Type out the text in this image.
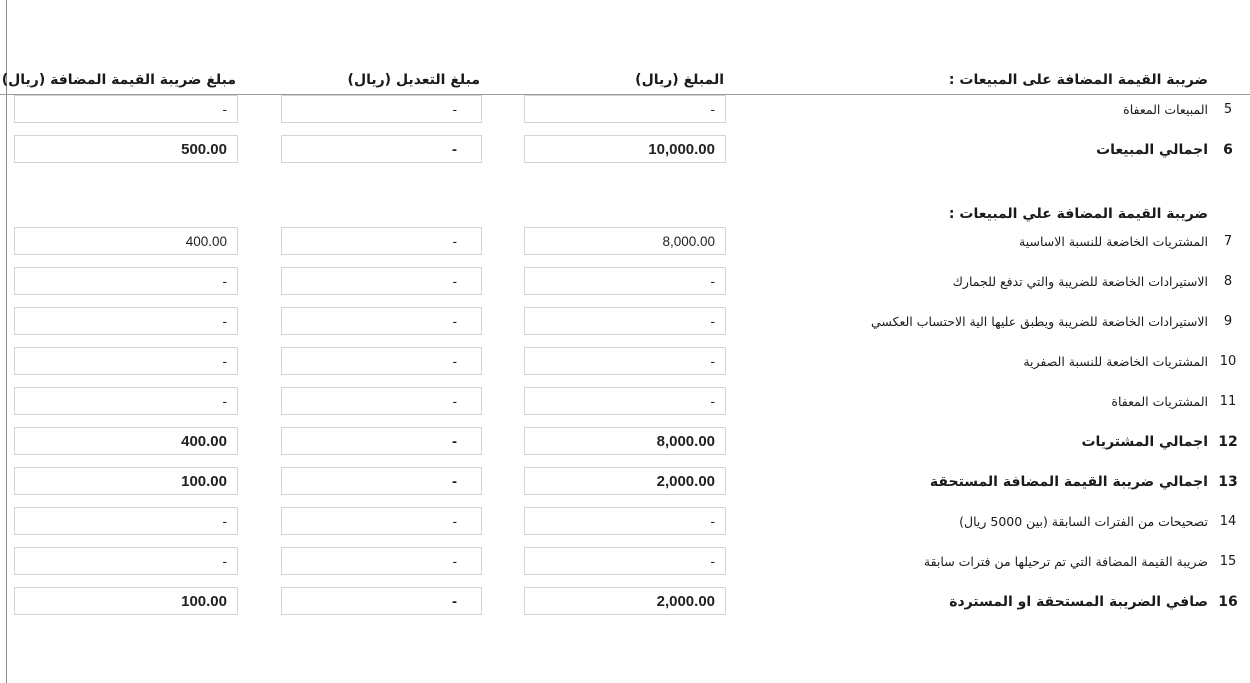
ضريبة القيمة المضافة على المبيعات :
المبلغ (ريال)
مبلغ التعديل (ريال)
مبلغ ضريبة القيمة المضافة (ريال)
5
المبيعات المعفاة
-
-
-
6
اجمالي المبيعات
10,000.00
-
500.00
ضريبة القيمة المضافة علي المبيعات :
7
المشتريات الخاضعة للنسبة الاساسية
8,000.00
-
400.00
8
الاستيرادات الخاضعة للضريبة والتي تدفع للجمارك
-
-
-
9
الاستيرادات الخاضعة للضريبة ويطبق عليها الية الاحتساب العكسي
-
-
-
10
المشتريات الخاضعة للنسبة الصفرية
-
-
-
11
المشتريات المعفاة
-
-
-
12
اجمالي المشتريات
8,000.00
-
400.00
13
اجمالي ضريبة القيمة المضافة المستحقة
2,000.00
-
100.00
14
تصحيحات من الفترات السابقة (بين 5000 ريال)
-
-
-
15
ضريبة القيمة المضافة التي تم ترحيلها من فترات سابقة
-
-
-
16
صافي الضريبة المستحقة او المستردة
2,000.00
-
100.00
